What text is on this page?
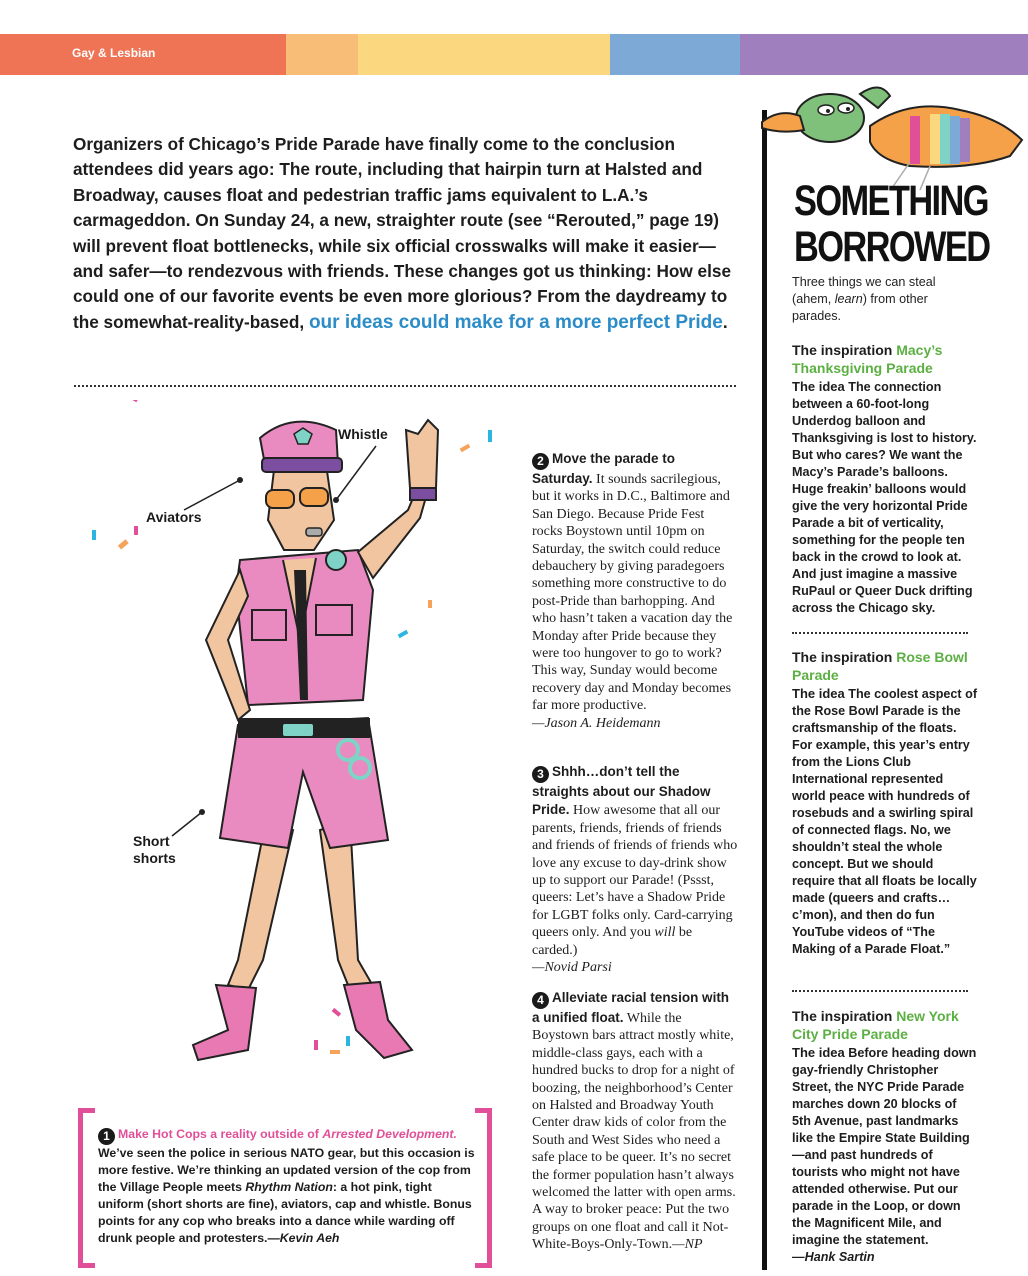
Gay & Lesbian
Organizers of Chicago’s Pride Parade have finally come to the conclusion attendees did years ago: The route, including that hairpin turn at Halsted and Broadway, causes float and pedestrian traffic jams equivalent to L.A.’s carmageddon. On Sunday 24, a new, straighter route (see “Rerouted,” page 19) will prevent float bottlenecks, while six official crosswalks will make it easier—and safer—to rendezvous with friends. These changes got us thinking: How else could one of our favorite events be even more glorious? From the daydreamy to the somewhat-reality-based, our ideas could make for a more perfect Pride.
Whistle
Aviators
Short
shorts
1 Make Hot Cops a reality outside of Arrested Development. We’ve seen the police in serious NATO gear, but this occasion is more festive. We’re thinking an updated version of the cop from the Village People meets Rhythm Nation: a hot pink, tight uniform (short shorts are fine), aviators, cap and whistle. Bonus points for any cop who breaks into a dance while warding off drunk people and protesters.—Kevin Aeh
2 Move the parade to Saturday. It sounds sacrilegious, but it works in D.C., Baltimore and San Diego. Because Pride Fest rocks Boystown until 10pm on Saturday, the switch could reduce debauchery by giving paradegoers something more constructive to do post-Pride than barhopping. And who hasn’t taken a vacation day the Monday after Pride because they were too hungover to go to work? This way, Sunday would become recovery day and Monday becomes far more productive.
—Jason A. Heidemann
3 Shhh…don’t tell the straights about our Shadow Pride. How awesome that all our parents, friends, friends of friends and friends of friends of friends who love any excuse to day-drink show up to support our Parade! (Pssst, queers: Let’s have a Shadow Pride for LGBT folks only. Card-carrying queers only. And you will be carded.)
—Novid Parsi
4 Alleviate racial tension with a unified float. While the Boystown bars attract mostly white, middle-class gays, each with a hundred bucks to drop for a night of boozing, the neighborhood’s Center on Halsted and Broadway Youth Center draw kids of color from the South and West Sides who need a safe place to be queer. It’s no secret the former population hasn’t always welcomed the latter with open arms. A way to broker peace: Put the two groups on one float and call it Not-White-Boys-Only-Town.—NP
SOMETHING
BORROWED
Three things we can steal (ahem, learn) from other parades.
The inspiration Macy’s Thanksgiving Parade
The idea The connection between a 60-foot-long Underdog balloon and Thanksgiving is lost to history. But who cares? We want the Macy’s Parade’s balloons. Huge freakin’ balloons would give the very horizontal Pride Parade a bit of verticality, something for the people ten back in the crowd to look at. And just imagine a massive RuPaul or Queer Duck drifting across the Chicago sky.
The inspiration Rose Bowl Parade
The idea The coolest aspect of the Rose Bowl Parade is the craftsmanship of the floats. For example, this year’s entry from the Lions Club International represented world peace with hundreds of rosebuds and a swirling spiral of connected flags. No, we shouldn’t steal the whole concept. But we should require that all floats be locally made (queers and crafts…c’mon), and then do fun YouTube videos of “The Making of a Parade Float.”
The inspiration New York City Pride Parade
The idea Before heading down gay-friendly Christopher Street, the NYC Pride Parade marches down 20 blocks of 5th Avenue, past landmarks like the Empire State Building—and past hundreds of tourists who might not have attended otherwise. Put our parade in the Loop, or down the Magnificent Mile, and imagine the statement.
—Hank Sartin
